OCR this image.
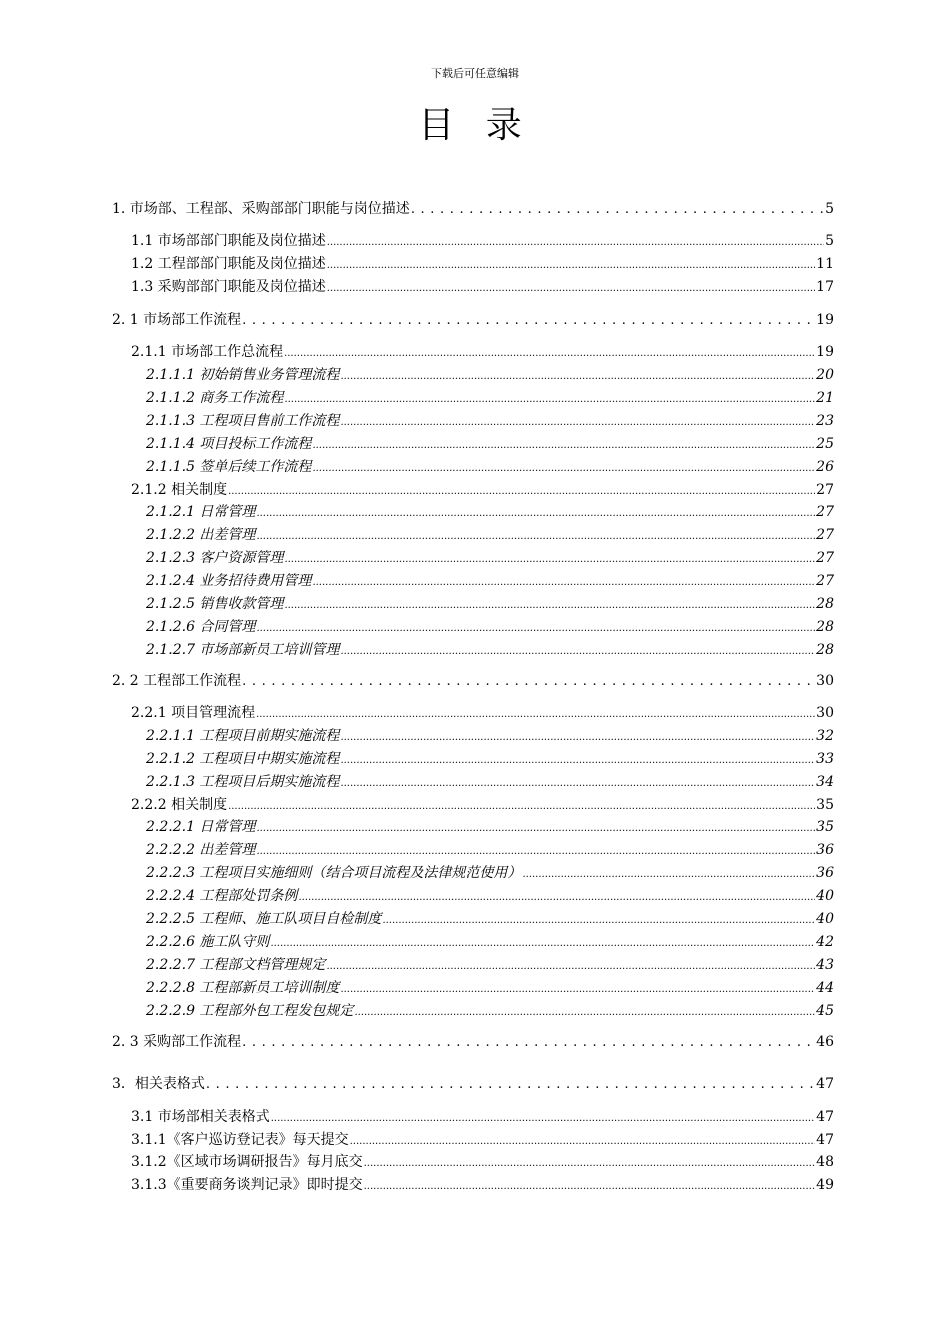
下载后可任意编辑
目 录
1. 市场部、工程部、采购部部门职能与岗位描述 .....	5
1.1 市场部部门职能及岗位描述 .....	5
1.2 工程部部门职能及岗位描述 .....	11
1.3 采购部部门职能及岗位描述 .....	17
2. 1 市场部工作流程 .....	19
2.1.1 市场部工作总流程 .....	19
2.1.1.1 初始销售业务管理流程 .....	20
2.1.1.2 商务工作流程 .....	21
2.1.1.3 工程项目售前工作流程 .....	23
2.1.1.4 项目投标工作流程 .....	25
2.1.1.5 签单后续工作流程 .....	26
2.1.2 相关制度 .....	27
2.1.2.1 日常管理 .....	27
2.1.2.2 出差管理 .....	27
2.1.2.3 客户资源管理 .....	27
2.1.2.4 业务招待费用管理 .....	27
2.1.2.5 销售收款管理 .....	28
2.1.2.6 合同管理 .....	28
2.1.2.7 市场部新员工培训管理 .....	28
2. 2 工程部工作流程 .....	30
2.2.1 项目管理流程 .....	30
2.2.1.1 工程项目前期实施流程 .....	32
2.2.1.2 工程项目中期实施流程 .....	33
2.2.1.3 工程项目后期实施流程 .....	34
2.2.2 相关制度 .....	35
2.2.2.1 日常管理 .....	35
2.2.2.2 出差管理 .....	36
2.2.2.3 工程项目实施细则（结合项目流程及法律规范使用） .....	36
2.2.2.4 工程部处罚条例 .....	40
2.2.2.5 工程师、施工队项目自检制度 .....	40
2.2.2.6 施工队守则 .....	42
2.2.2.7 工程部文档管理规定 .....	43
2.2.2.8 工程部新员工培训制度 .....	44
2.2.2.9 工程部外包工程发包规定 .....	45
2. 3 采购部工作流程 .....	46
3．相关表格式 .....	47
3.1 市场部相关表格式 .....	47
3.1.1《客户巡访登记表》每天提交 .....	47
3.1.2《区域市场调研报告》每月底交 .....	48
3.1.3《重要商务谈判记录》即时提交 .....	49
